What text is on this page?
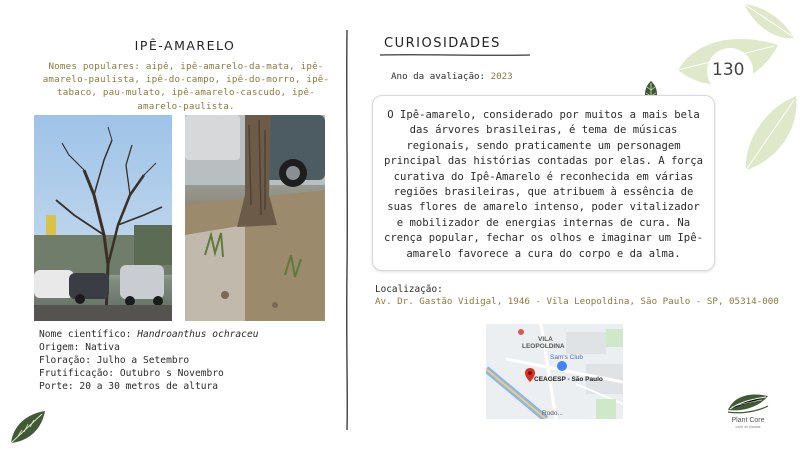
IPÊ-AMARELO
Nomes populares: aipê, ipê-amarelo-da-mata, ipê-amarelo-paulista, ipê-do-campo, ipê-do-morro, ipê-tabaco, pau-mulato, ipê-amarelo-cascudo, ipê-amarelo-paulista.
Nome científico: Handroanthus ochraceu
Origem: Nativa
Floração: Julho a Setembro
Frutificação: Outubro s Novembro
Porte: 20 a 30 metros de altura
CURIOSIDADES
Ano da avaliação: 2023

O Ipê-amarelo, considerado por muitos a mais bela das árvores brasileiras, é tema de músicas regionais, sendo praticamente um personagem principal das histórias contadas por elas. A força curativa do Ipê-Amarelo é reconhecida em várias regiões brasileiras, que atribuem à essência de suas flores de amarelo intenso, poder vitalizador e mobilizador de energias internas de cura. Na crença popular, fechar os olhos e imaginar um Ipê-amarelo favorece a cura do corpo e da alma.

Localização:
Av. Dr. Gastão Vidigal, 1946 - Vila Leopoldina, São Paulo - SP, 05314-000
VILA
LEOPOLDINA
Sam's Club
CEAGESP - São Paulo
Rodo...
130
Plant Core
corte de plantas
